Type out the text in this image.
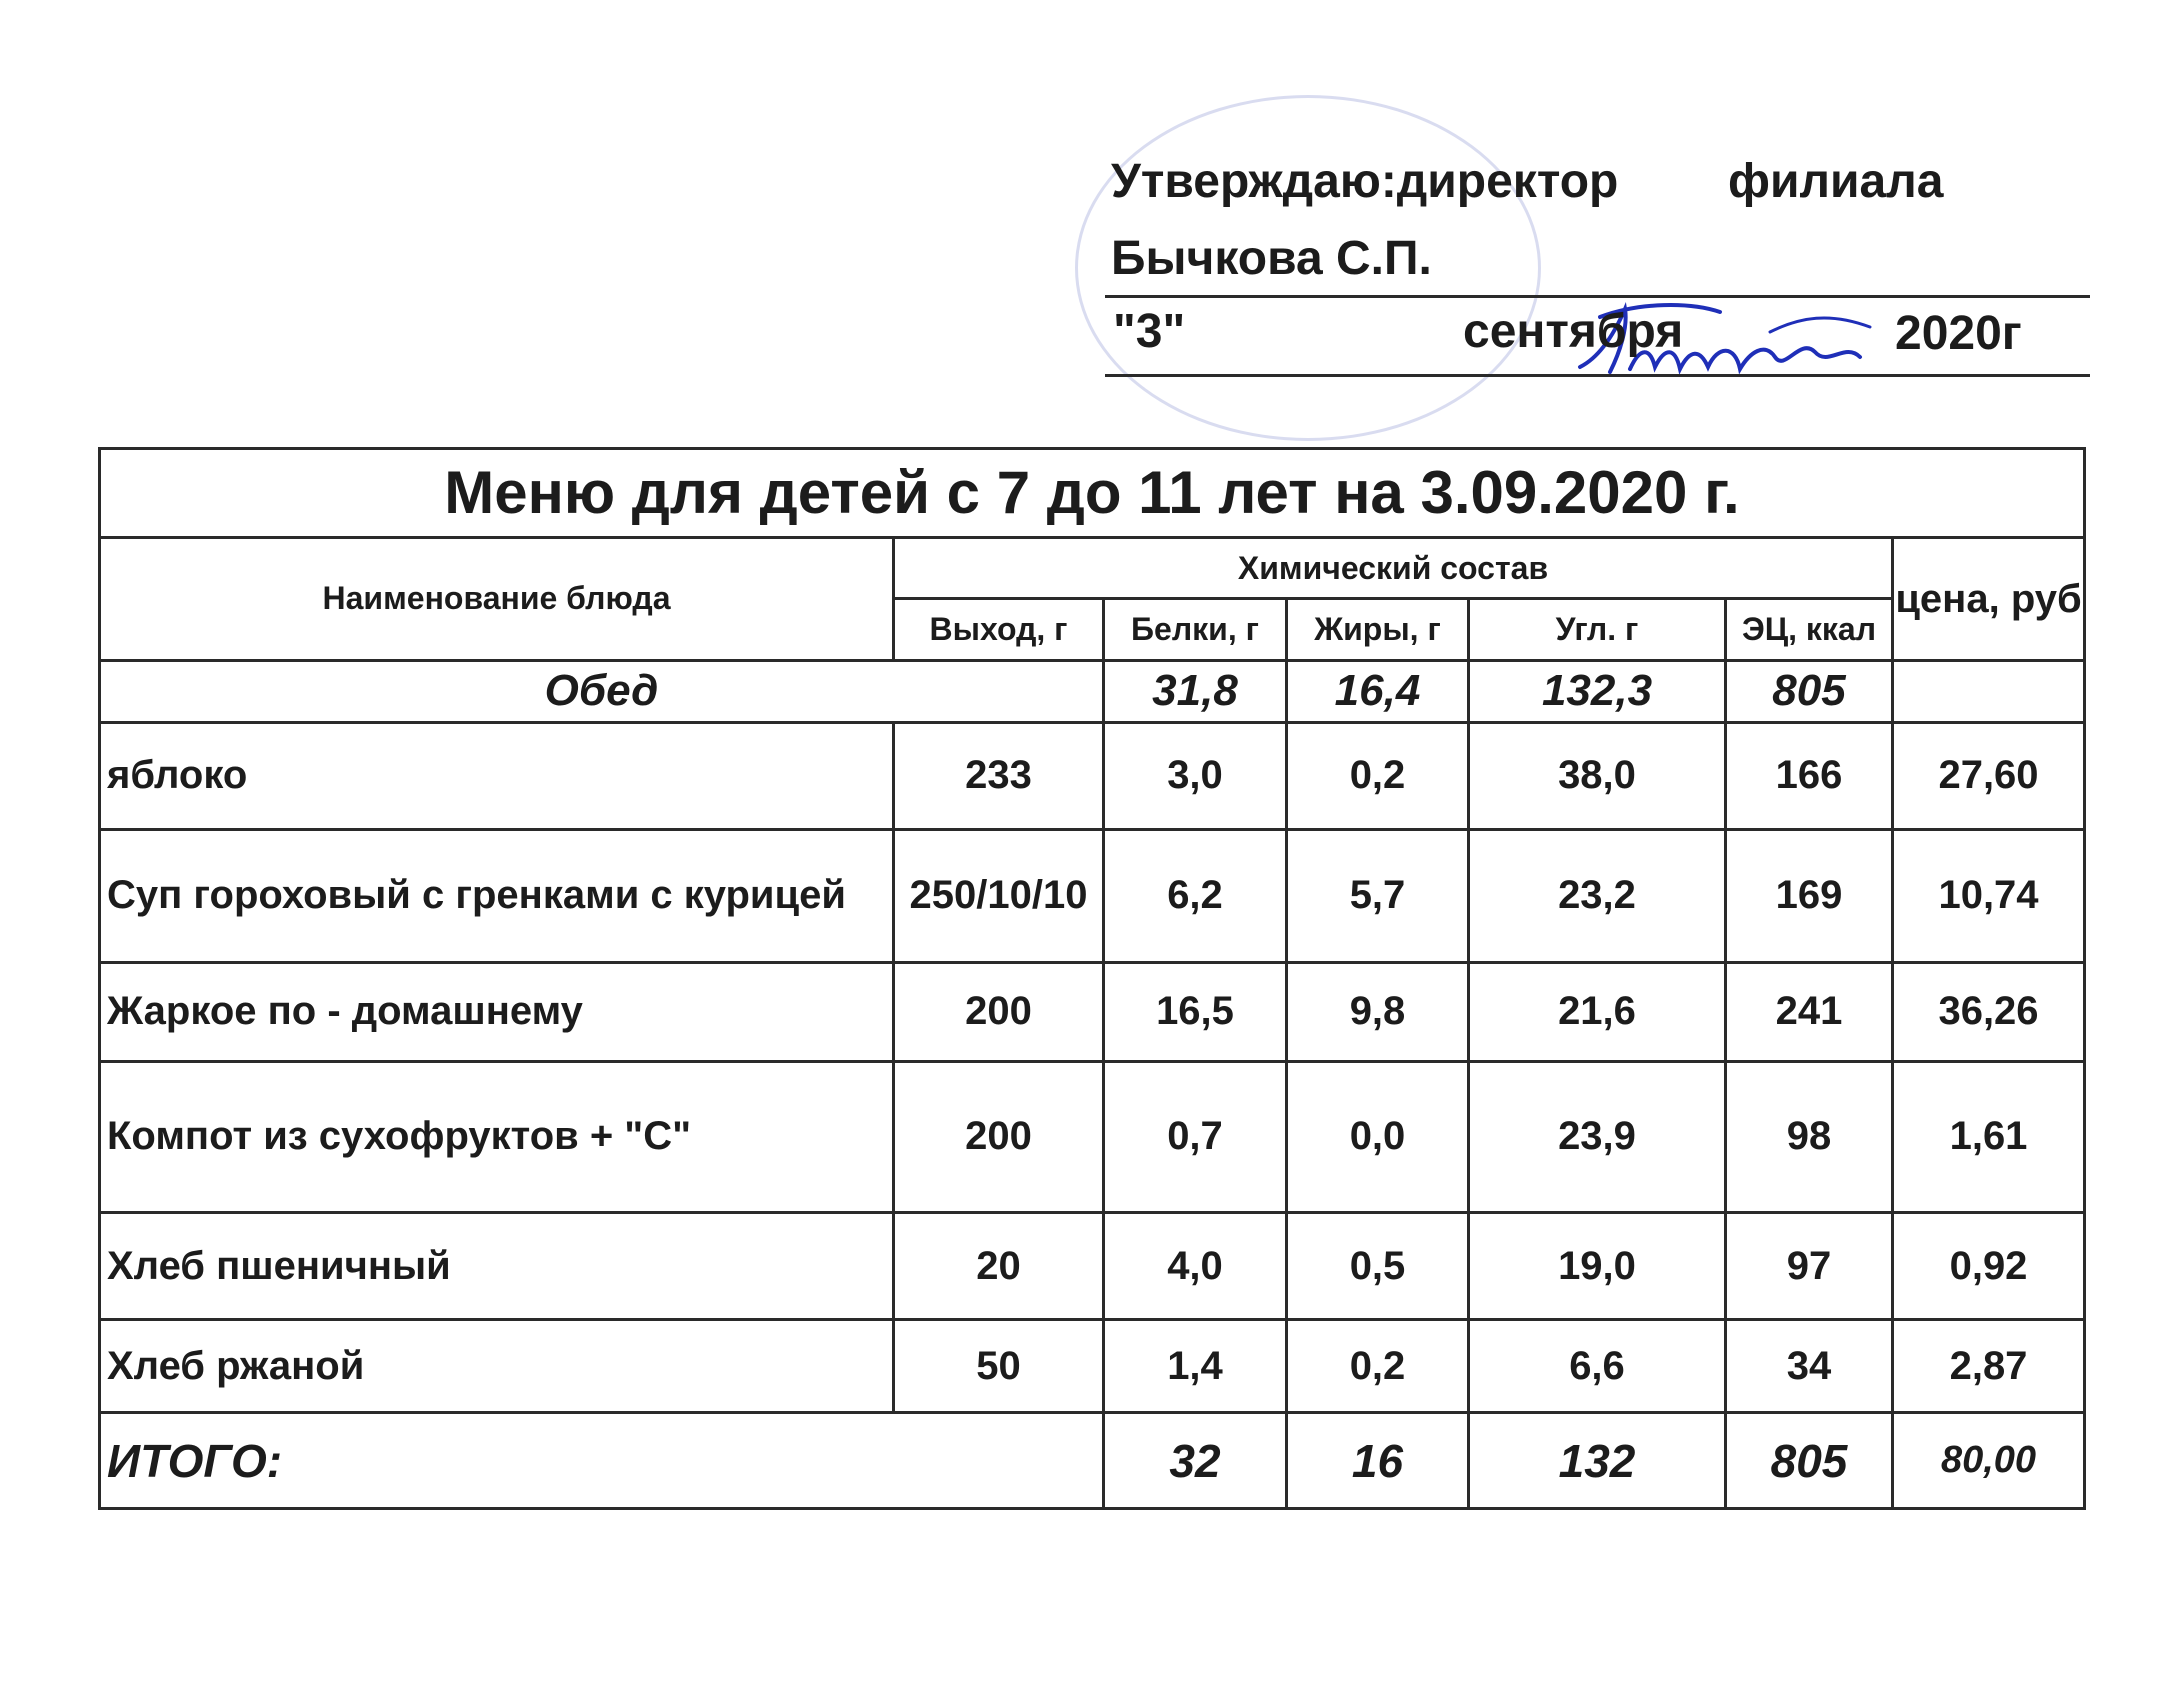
Утверждаю:директор филиала
Бычкова С.П.
"3"	сентября	2020г
Меню для детей с 7 до 11 лет на 3.09.2020 г.						
Наименование блюда	Химический состав					цена, руб
	Выход, г	Белки, г	Жиры, г	Угл. г	ЭЦ, ккал	
Обед		31,8	16,4	132,3	805	
яблоко	233	3,0	0,2	38,0	166	27,60
Суп гороховый с гренками с курицей	250/10/10	6,2	5,7	23,2	169	10,74
Жаркое по - домашнему	200	16,5	9,8	21,6	241	36,26
Компот из сухофруктов + "С"	200	0,7	0,0	23,9	98	1,61
Хлеб пшеничный	20	4,0	0,5	19,0	97	0,92
Хлеб ржаной	50	1,4	0,2	6,6	34	2,87
ИТОГО:		32	16	132	805	80,00
